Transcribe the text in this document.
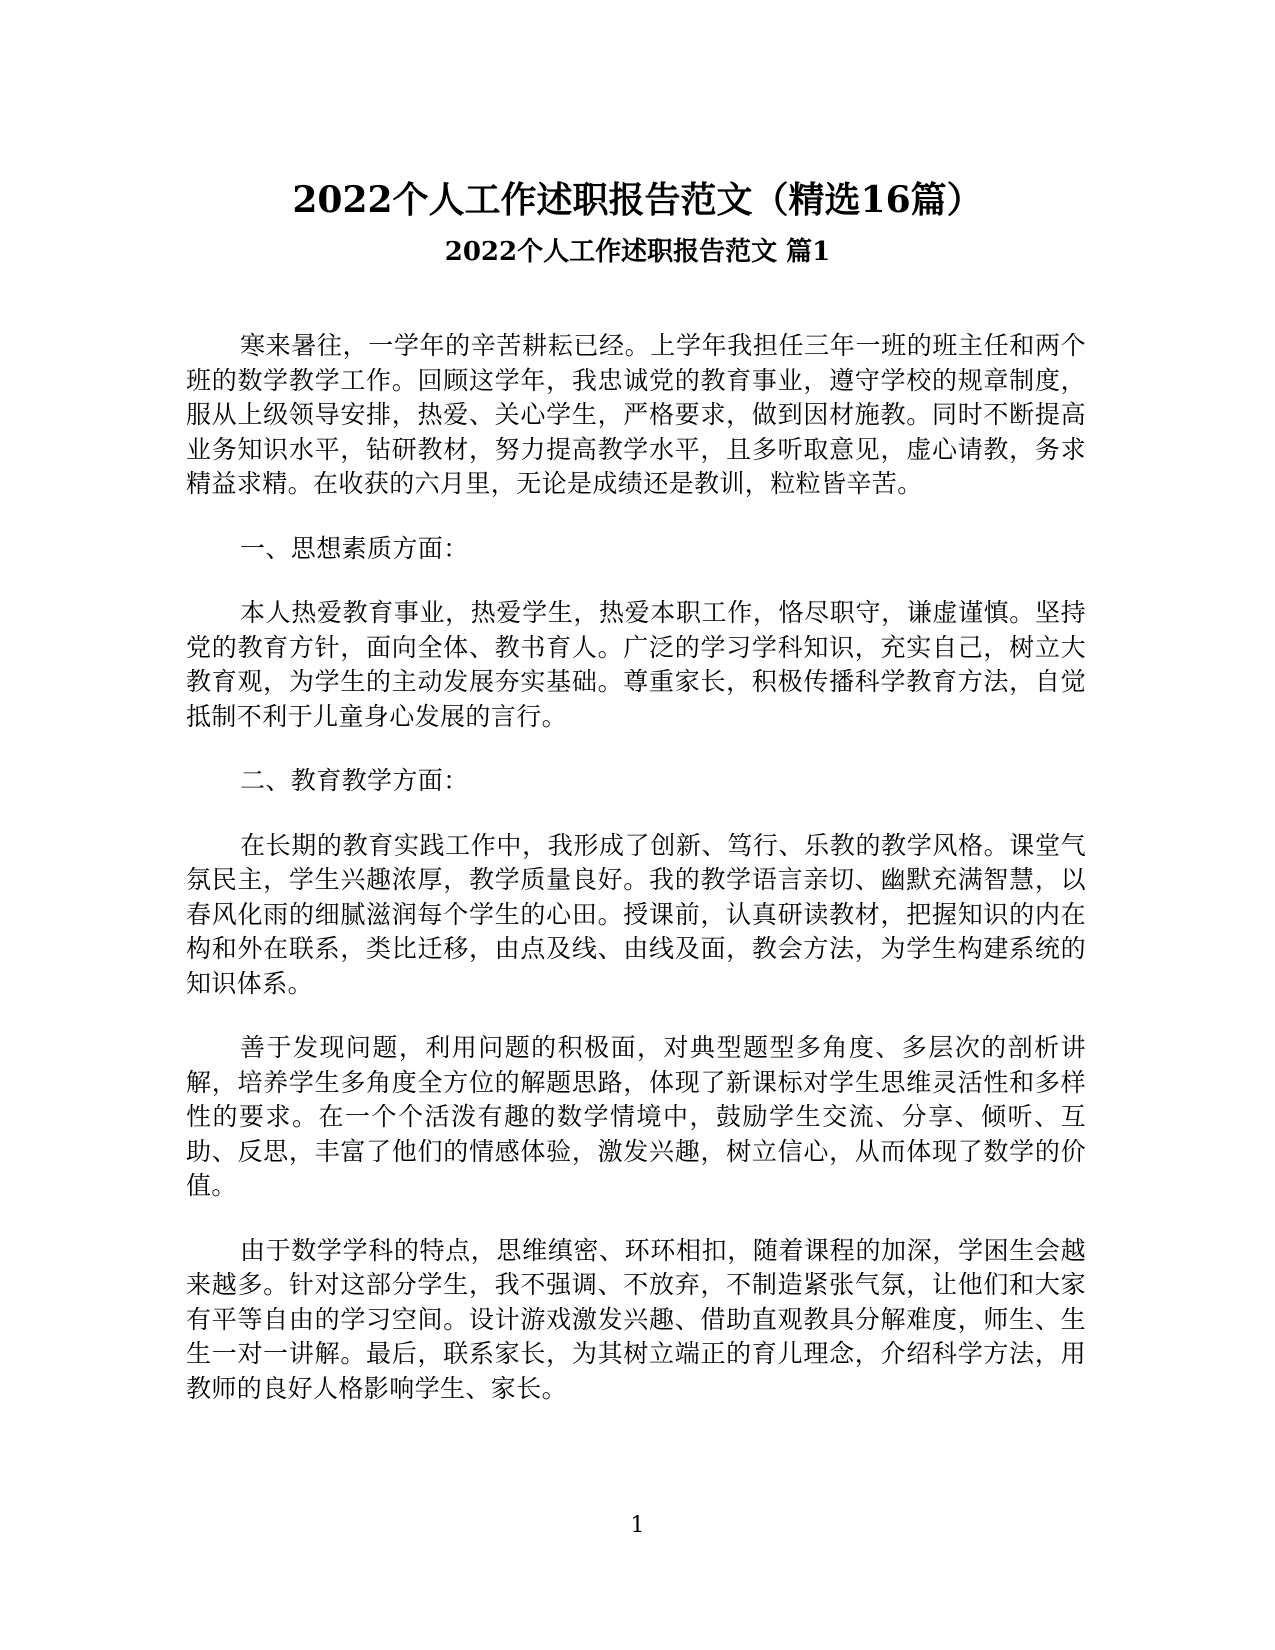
2022个人工作述职报告范文（精选16篇）
2022个人工作述职报告范文 篇1

寒来暑往，一学年的辛苦耕耘已经。上学年我担任三年一班的班主任和两个班的数学教学工作。回顾这学年，我忠诚党的教育事业，遵守学校的规章制度，服从上级领导安排，热爱、关心学生，严格要求，做到因材施教。同时不断提高业务知识水平，钻研教材，努力提高教学水平，且多听取意见，虚心请教，务求精益求精。在收获的六月里，无论是成绩还是教训，粒粒皆辛苦。

一、思想素质方面：

本人热爱教育事业，热爱学生，热爱本职工作，恪尽职守，谦虚谨慎。坚持党的教育方针，面向全体、教书育人。广泛的学习学科知识，充实自己，树立大教育观，为学生的主动发展夯实基础。尊重家长，积极传播科学教育方法，自觉抵制不利于儿童身心发展的言行。

二、教育教学方面：

在长期的教育实践工作中，我形成了创新、笃行、乐教的教学风格。课堂气氛民主，学生兴趣浓厚，教学质量良好。我的教学语言亲切、幽默充满智慧，以春风化雨的细腻滋润每个学生的心田。授课前，认真研读教材，把握知识的内在构和外在联系，类比迁移，由点及线、由线及面，教会方法，为学生构建系统的知识体系。

善于发现问题，利用问题的积极面，对典型题型多角度、多层次的剖析讲解，培养学生多角度全方位的解题思路，体现了新课标对学生思维灵活性和多样性的要求。在一个个活泼有趣的数学情境中，鼓励学生交流、分享、倾听、互助、反思，丰富了他们的情感体验，激发兴趣，树立信心，从而体现了数学的价值。

由于数学学科的特点，思维缜密、环环相扣，随着课程的加深，学困生会越来越多。针对这部分学生，我不强调、不放弃，不制造紧张气氛，让他们和大家有平等自由的学习空间。设计游戏激发兴趣、借助直观教具分解难度，师生、生生一对一讲解。最后，联系家长，为其树立端正的育儿理念，介绍科学方法，用教师的良好人格影响学生、家长。

1
